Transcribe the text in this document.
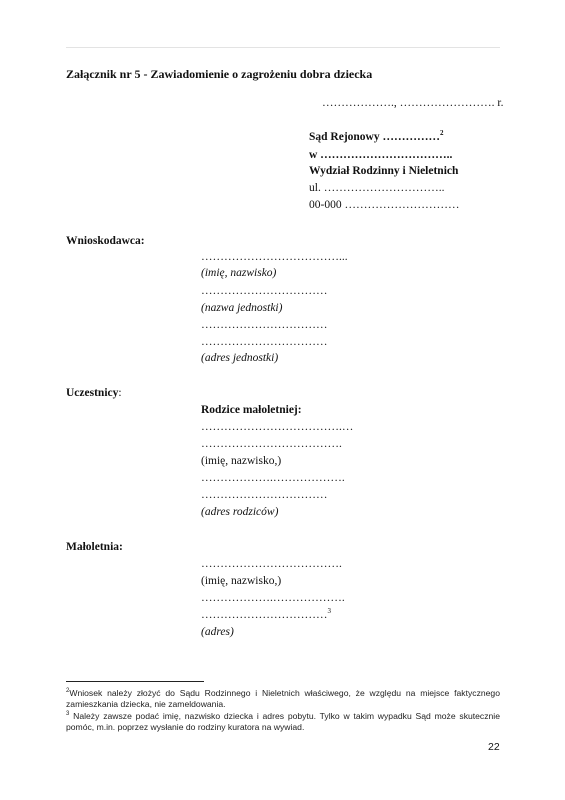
Załącznik nr 5 - Zawiadomienie o zagrożeniu dobra dziecka
………………., ……………………. r.
Sąd Rejonowy ……………$^2$
w ……………………………..
Wydział Rodzinny i Nieletnich
ul. …………………………..
00-000 …………………………
Wnioskodawca:
………………………………...
(imię, nazwisko)
……………………………
(nazwa jednostki)
……………………………
……………………………
(adres jednostki)
Uczestnicy:
Rodzice małoletniej:
……………………………….…
……………………………….
(imię, nazwisko,)
……………….……………….
……………………………
(adres rodziców)
Małoletnia:
……………………………….
(imię, nazwisko,)
……………….……………….
……………………………$^3$
(adres)
$^2$Wniosek należy złożyć do Sądu Rodzinnego i Nieletnich właściwego, że względu na miejsce faktycznego zamieszkania dziecka, nie zameldowania.
$^3$ Należy zawsze podać imię, nazwisko dziecka i adres pobytu. Tylko w takim wypadku Sąd może skutecznie pomóc, m.in. poprzez wysłanie do rodziny kuratora na wywiad.
22
